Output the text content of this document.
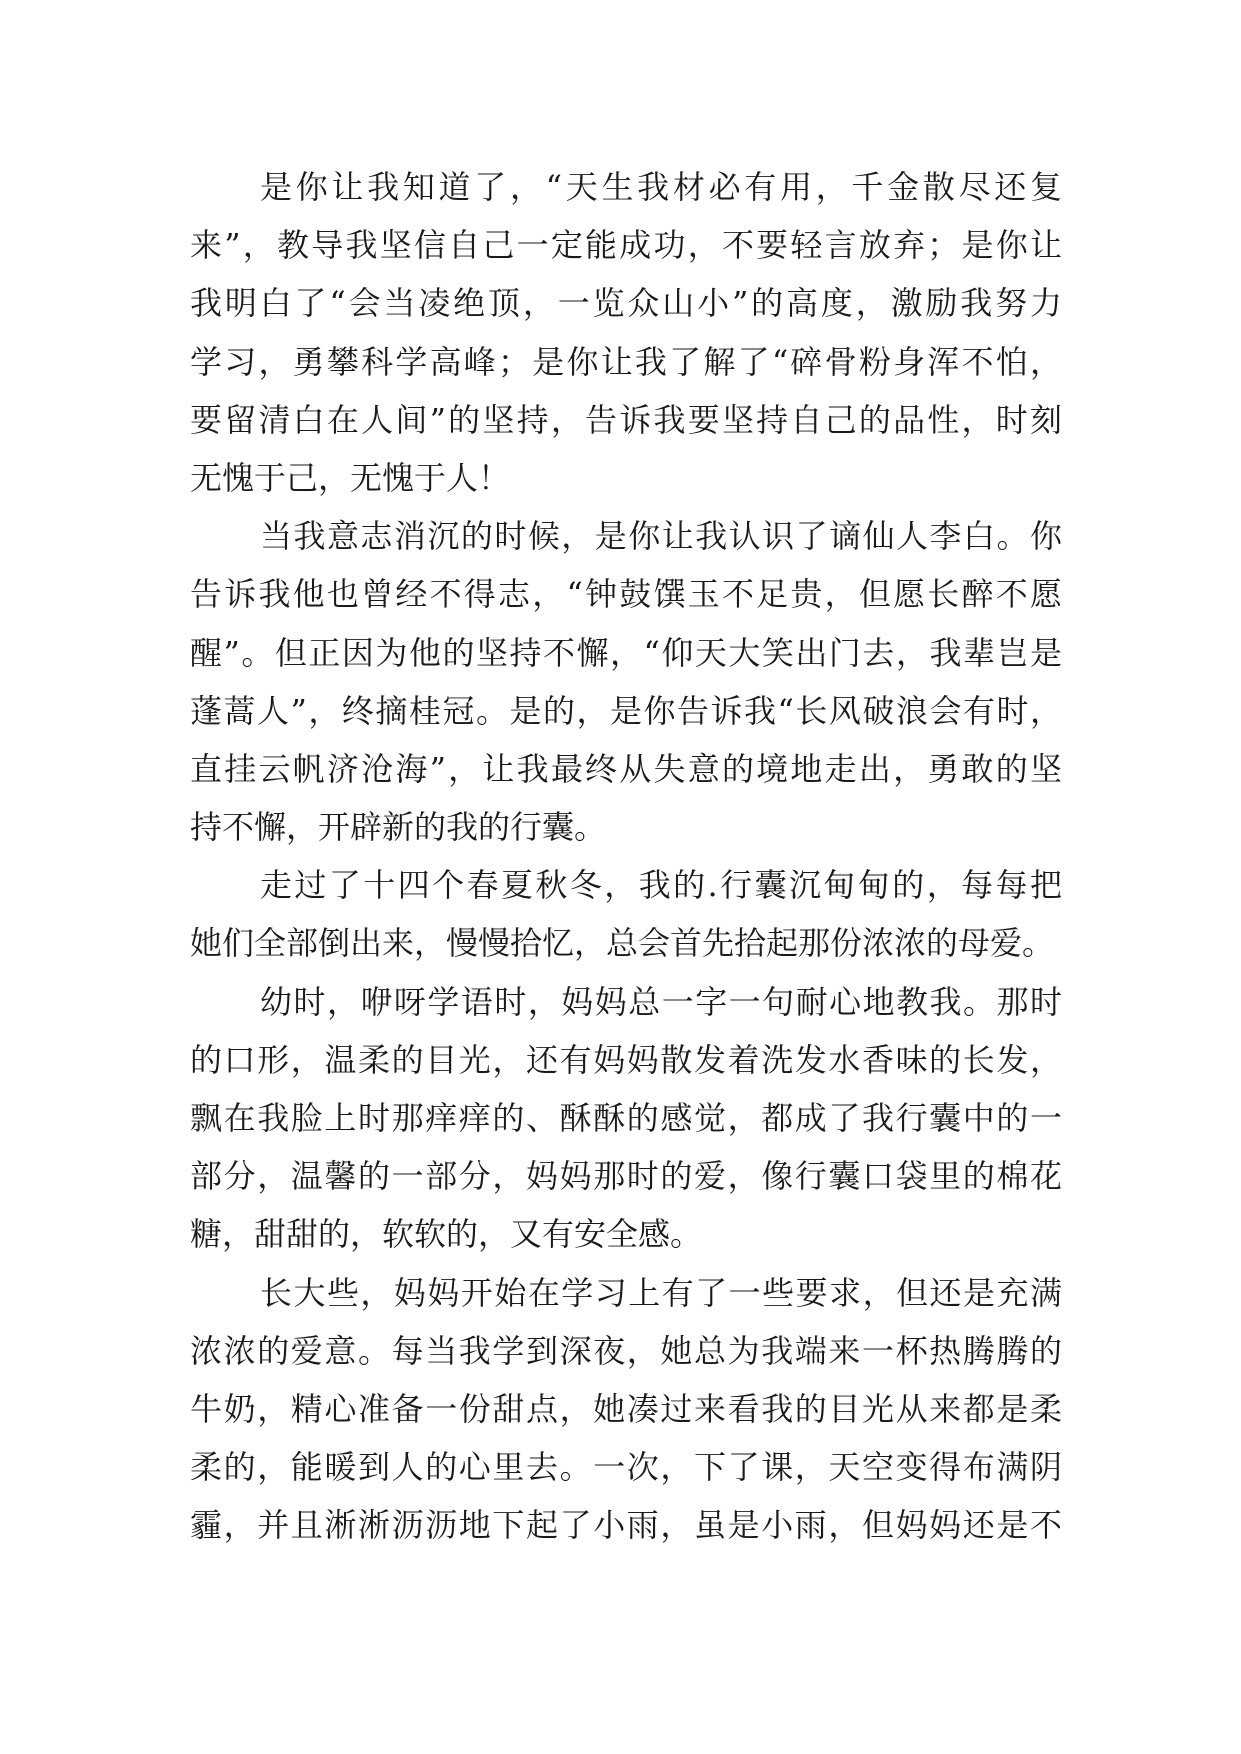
是你让我知道了，“天生我材必有用，千金散尽还复
来”，教导我坚信自己一定能成功，不要轻言放弃；是你让
我明白了“会当凌绝顶，一览众山小”的高度，激励我努力
学习，勇攀科学高峰；是你让我了解了“碎骨粉身浑不怕，
要留清白在人间”的坚持，告诉我要坚持自己的品性，时刻
无愧于己，无愧于人！
当我意志消沉的时候，是你让我认识了谪仙人李白。你
告诉我他也曾经不得志，“钟鼓馔玉不足贵，但愿长醉不愿
醒”。但正因为他的坚持不懈，“仰天大笑出门去，我辈岂是
蓬蒿人”，终摘桂冠。是的，是你告诉我“长风破浪会有时，
直挂云帆济沧海”，让我最终从失意的境地走出，勇敢的坚
持不懈，开辟新的我的行囊。
走过了十四个春夏秋冬，我的.行囊沉甸甸的，每每把
她们全部倒出来，慢慢拾忆，总会首先拾起那份浓浓的母爱。
幼时，咿呀学语时，妈妈总一字一句耐心地教我。那时
的口形，温柔的目光，还有妈妈散发着洗发水香味的长发，
飘在我脸上时那痒痒的、酥酥的感觉，都成了我行囊中的一
部分，温馨的一部分，妈妈那时的爱，像行囊口袋里的棉花
糖，甜甜的，软软的，又有安全感。
长大些，妈妈开始在学习上有了一些要求，但还是充满
浓浓的爱意。每当我学到深夜，她总为我端来一杯热腾腾的
牛奶，精心准备一份甜点，她凑过来看我的目光从来都是柔
柔的，能暖到人的心里去。一次，下了课，天空变得布满阴
霾，并且淅淅沥沥地下起了小雨，虽是小雨，但妈妈还是不
